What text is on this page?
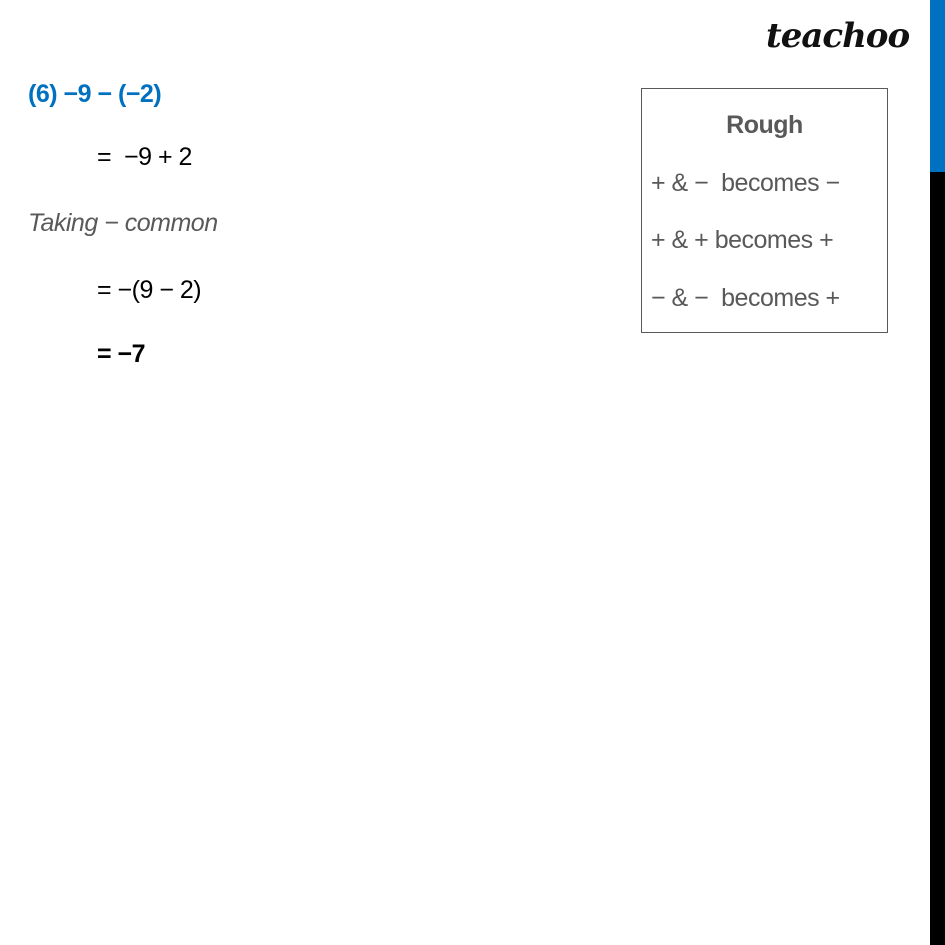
teachoo
(6) −9 − (−2)
=  −9 + 2
Taking − common
= −(9 − 2)
= −7
Rough
+ & −  becomes −
+ & + becomes +
− & −  becomes +
